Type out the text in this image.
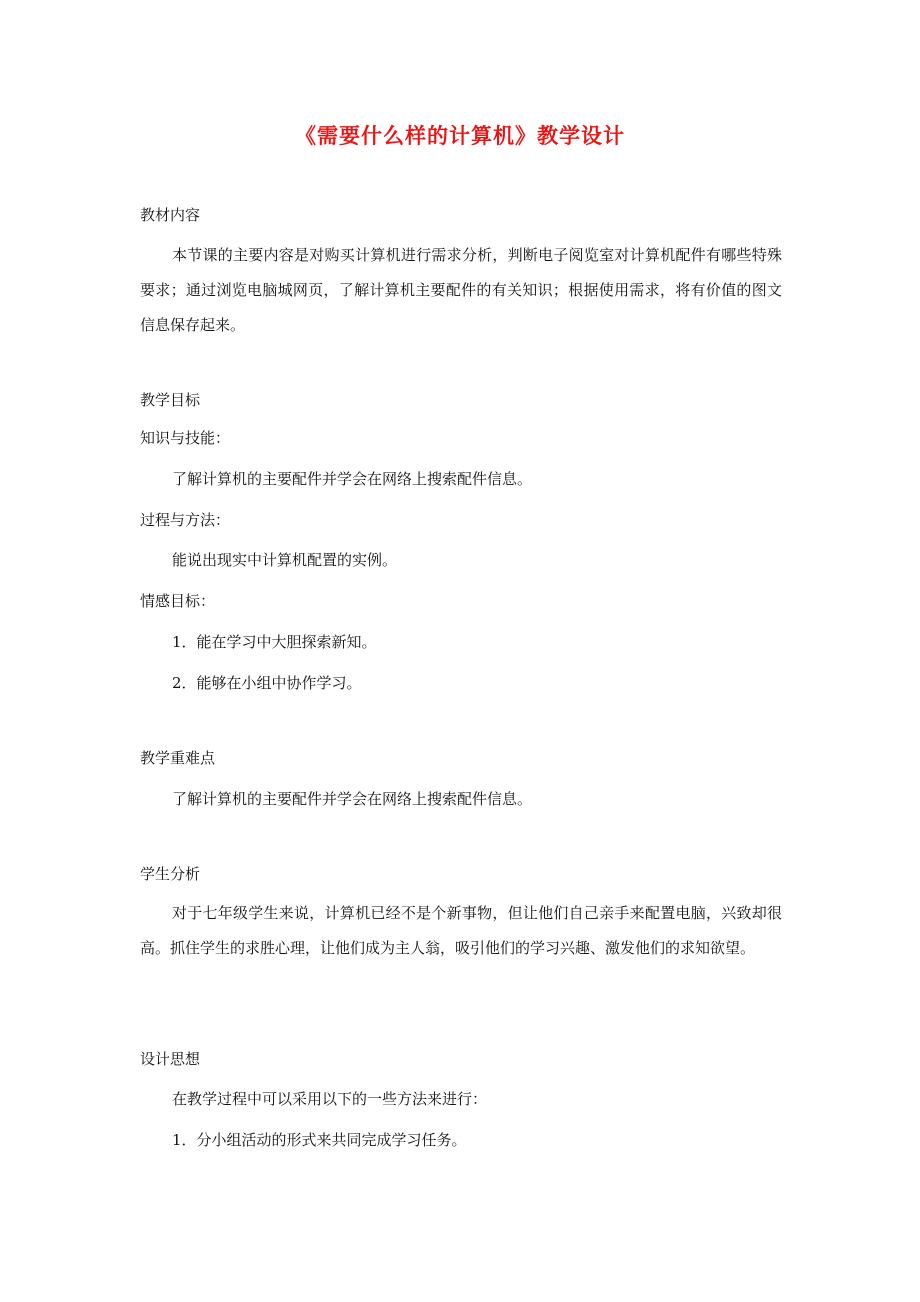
《需要什么样的计算机》教学设计
教材内容
本节课的主要内容是对购买计算机进行需求分析，判断电子阅览室对计算机配件有哪些特殊要求；通过浏览电脑城网页，了解计算机主要配件的有关知识；根据使用需求，将有价值的图文信息保存起来。
教学目标
知识与技能：
了解计算机的主要配件并学会在网络上搜索配件信息。
过程与方法：
能说出现实中计算机配置的实例。
情感目标：
1．能在学习中大胆探索新知。
2．能够在小组中协作学习。
教学重难点
了解计算机的主要配件并学会在网络上搜索配件信息。
学生分析
对于七年级学生来说，计算机已经不是个新事物，但让他们自己亲手来配置电脑，兴致却很高。抓住学生的求胜心理，让他们成为主人翁，吸引他们的学习兴趣、激发他们的求知欲望。
设计思想
在教学过程中可以采用以下的一些方法来进行：
1．分小组活动的形式来共同完成学习任务。
